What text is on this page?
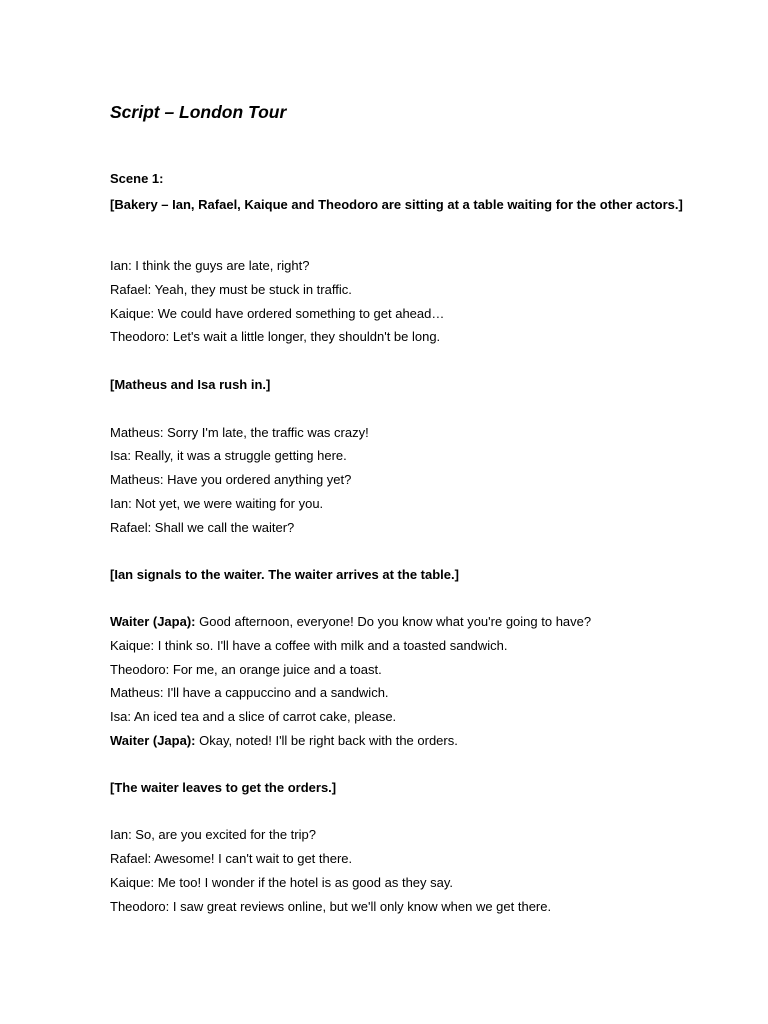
Script – London Tour
Scene 1:
[Bakery – Ian, Rafael, Kaique and Theodoro are sitting at a table waiting for the other actors.]
Ian: I think the guys are late, right?
Rafael: Yeah, they must be stuck in traffic.
Kaique: We could have ordered something to get ahead…
Theodoro: Let's wait a little longer, they shouldn't be long.
[Matheus and Isa rush in.]
Matheus: Sorry I'm late, the traffic was crazy!
Isa: Really, it was a struggle getting here.
Matheus: Have you ordered anything yet?
Ian: Not yet, we were waiting for you.
Rafael: Shall we call the waiter?
[Ian signals to the waiter. The waiter arrives at the table.]
Waiter (Japa): Good afternoon, everyone! Do you know what you're going to have?
Kaique: I think so. I'll have a coffee with milk and a toasted sandwich.
Theodoro: For me, an orange juice and a toast.
Matheus: I'll have a cappuccino and a sandwich.
Isa: An iced tea and a slice of carrot cake, please.
Waiter (Japa): Okay, noted! I'll be right back with the orders.
[The waiter leaves to get the orders.]
Ian: So, are you excited for the trip?
Rafael: Awesome! I can't wait to get there.
Kaique: Me too! I wonder if the hotel is as good as they say.
Theodoro: I saw great reviews online, but we'll only know when we get there.
